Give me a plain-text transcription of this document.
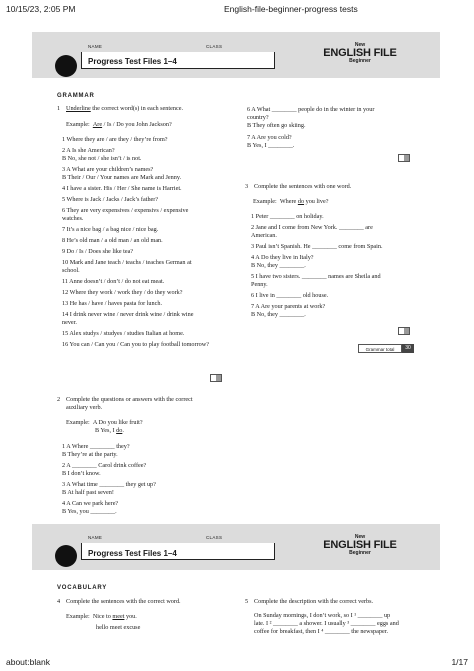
10/15/23, 2:05 PM	English-file-beginner-progress tests
NAME	CLASS
Progress Test Files 1–4
New
ENGLISH FILE
Beginner
GRAMMAR
1 Underline the correct word(s) in each sentence.
Example: Are / Is / Do you John Jackson?
1 Where they are / are they / they’re from?
2 A Is she American?
B No, she not / she isn’t / is not.
3 A What are your children’s names?
B Their / Our / Your names are Mark and Jenny.
4 I have a sister. His / Her / She name is Harriet.
5 Where is Jack / Jacks / Jack’s father?
6 They are very expensives / expensivs / expensive
watches.
7 It’s a nice bag / a bag nice / nice bag.
8 He’s old man / a old man / an old man.
9 Do / Is / Does she like tea?
10 Mark and Jane teach / teachs / teaches German at
school.
11 Anne doesn’t / don’t / do not eat meat.
12 Where they work / work they / do they work?
13 He has / have / haves pasta for lunch.
14 I drink never wine / never drink wine / drink wine
never.
15 Alex studys / studyes / studies Italian at home.
16 You can / Can you / Can you to play football tomorrow?
2 Complete the questions or answers with the correct
auxiliary verb.
Example: A Do you like fruit?
B Yes, I do.
1 A Where ________ they?
B They’re at the party.
2 A ________ Carol drink coffee?
B I don’t know.
3 A What time ________ they get up?
B At half past seven!
4 A Can we park here?
B Yes, you ________.
6 A What ________ people do in the winter in your
country?
B They often go skiing.
7 A Are you cold?
B Yes, I ________.
3 Complete the sentences with one word.
Example: Where do you live?
1 Peter ________ on holiday.
2 Jane and I come from New York. ________ are
American.
3 Paul isn’t Spanish. He ________ come from Spain.
4 A Do they live in Italy?
B No, they ________.
5 I have two sisters. ________ names are Sheila and
Penny.
6 I live in ________ old house.
7 A Are your parents at work?
B No, they ________.
Grammar total	30
NAME	CLASS
Progress Test Files 1–4
New
ENGLISH FILE
Beginner
VOCABULARY
4 Complete the sentences with the correct word.
Example: Nice to meet you.
hello meet excuse
5 Complete the description with the correct verbs.
On Sunday mornings, I don’t work, so I ¹ ________ up
late. I ² ________ a shower. I usually ³ ________ eggs and
coffee for breakfast, then I ⁴ ________ the newspaper.
about:blank	1/17
